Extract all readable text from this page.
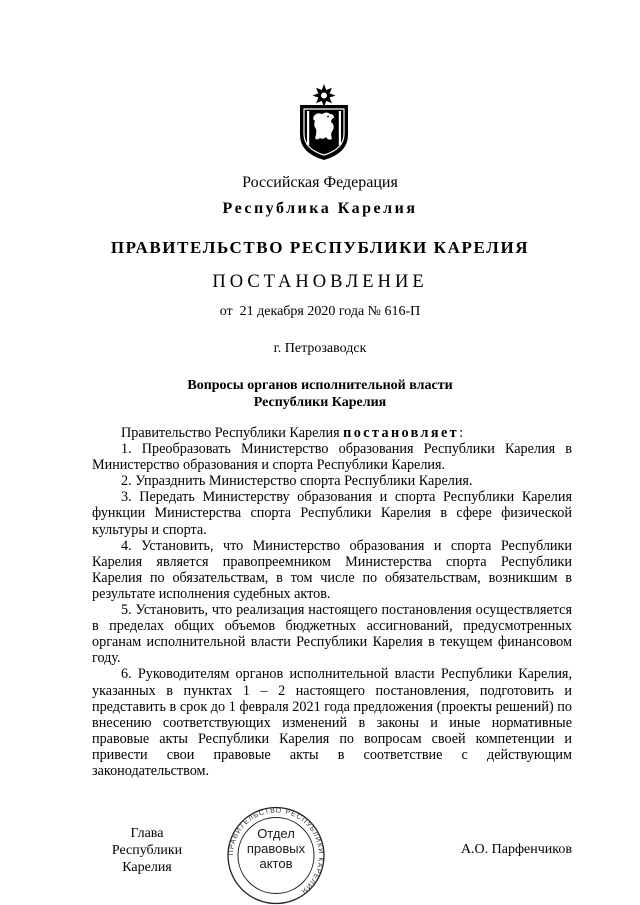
Российская Федерация
Республика Карелия
ПРАВИТЕЛЬСТВО РЕСПУБЛИКИ КАРЕЛИЯ
ПОСТАНОВЛЕНИЕ
от  21 декабря 2020 года № 616-П
г. Петрозаводск
Вопросы органов исполнительной власти
Республики Карелия

Правительство Республики Карелия постановляет:

1. Преобразовать Министерство образования Республики Карелия в Министерство образования и спорта Республики Карелия.

2. Упразднить Министерство спорта Республики Карелия.

3. Передать Министерству образования и спорта Республики Карелия функции Министерства спорта Республики Карелия в сфере физической культуры и спорта.

4. Установить, что Министерство образования и спорта Республики Карелия является правопреемником Министерства спорта Республики Карелия по обязательствам, в том числе по обязательствам, возникшим в результате исполнения судебных актов.

5. Установить, что реализация настоящего постановления осуществляется в пределах общих объемов бюджетных ассигнований, предусмотренных органам исполнительной власти Республики Карелия в текущем финансовом году.

6. Руководителям органов исполнительной власти Республики Карелия, указанных в пунктах 1 – 2 настоящего постановления, подготовить и представить в срок до 1 февраля 2021 года предложения (проекты решений) по внесению соответствующих изменений в законы и иные нормативные правовые акты Республики Карелия по вопросам своей компетенции и привести свои правовые акты в соответствие с действующим законодательством.

Глава
Республики Карелия
А.О. Парфенчиков
ПРАВИТЕЛЬСТВО РЕСПУБЛИКИ КАРЕЛИЯ
Отдел
правовых
актов
